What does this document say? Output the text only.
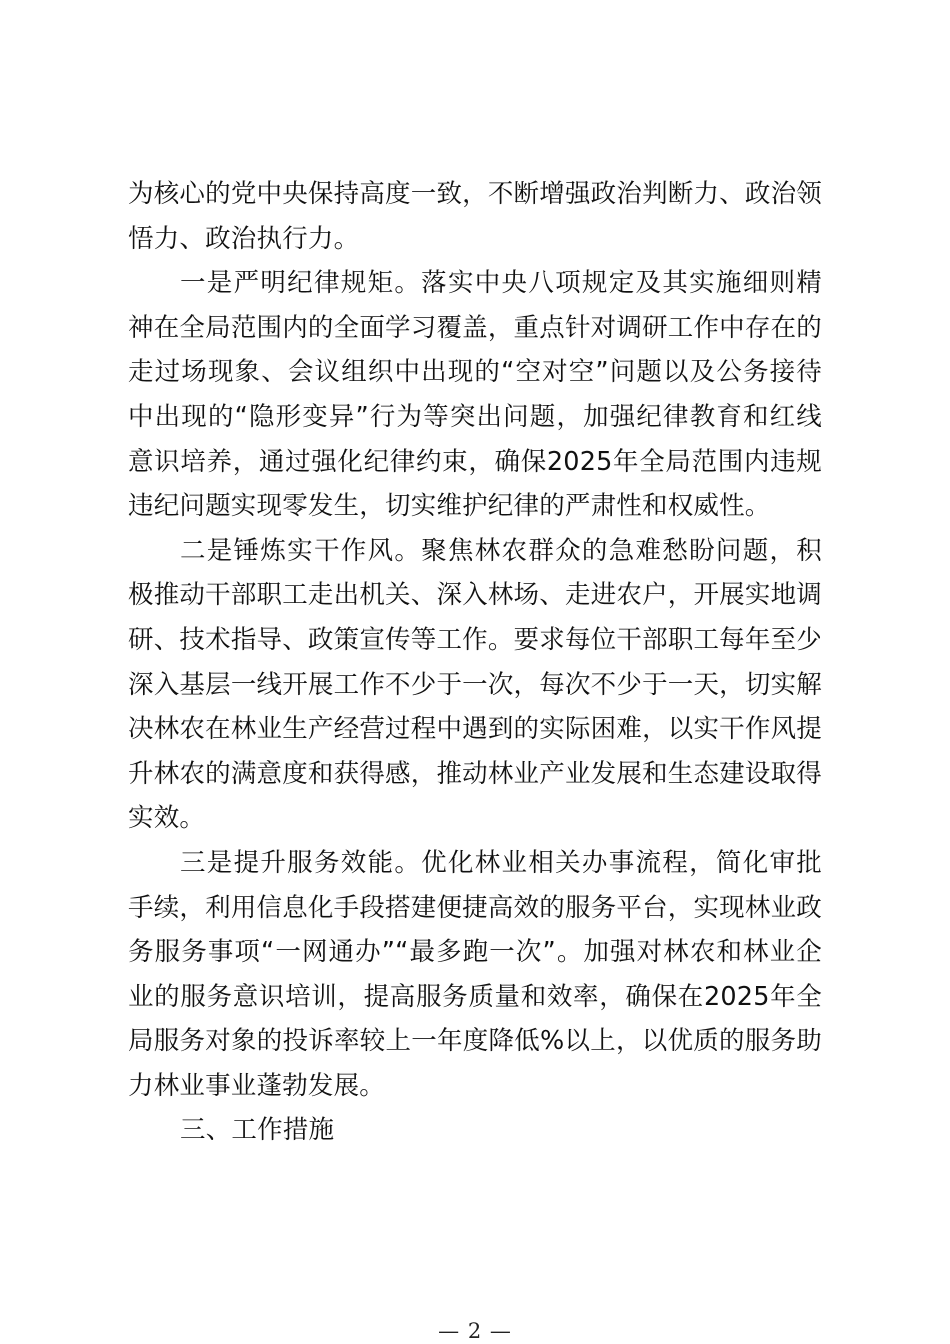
为核心的党中央保持高度一致，不断增强政治判断力、政治领悟力、政治执行力。

一是严明纪律规矩。落实中央八项规定及其实施细则精神在全局范围内的全面学习覆盖，重点针对调研工作中存在的走过场现象、会议组织中出现的“空对空”问题以及公务接待中出现的“隐形变异”行为等突出问题，加强纪律教育和红线意识培养，通过强化纪律约束，确保2025年全局范围内违规违纪问题实现零发生，切实维护纪律的严肃性和权威性。

二是锤炼实干作风。聚焦林农群众的急难愁盼问题，积极推动干部职工走出机关、深入林场、走进农户，开展实地调研、技术指导、政策宣传等工作。要求每位干部职工每年至少深入基层一线开展工作不少于一次，每次不少于一天，切实解决林农在林业生产经营过程中遇到的实际困难，以实干作风提升林农的满意度和获得感，推动林业产业发展和生态建设取得实效。

三是提升服务效能。优化林业相关办事流程，简化审批手续，利用信息化手段搭建便捷高效的服务平台，实现林业政务服务事项“一网通办”“最多跑一次”。加强对林农和林业企业的服务意识培训，提高服务质量和效率，确保在2025年全局服务对象的投诉率较上一年度降低%以上，以优质的服务助力林业事业蓬勃发展。

三、工作措施

— 2 —
